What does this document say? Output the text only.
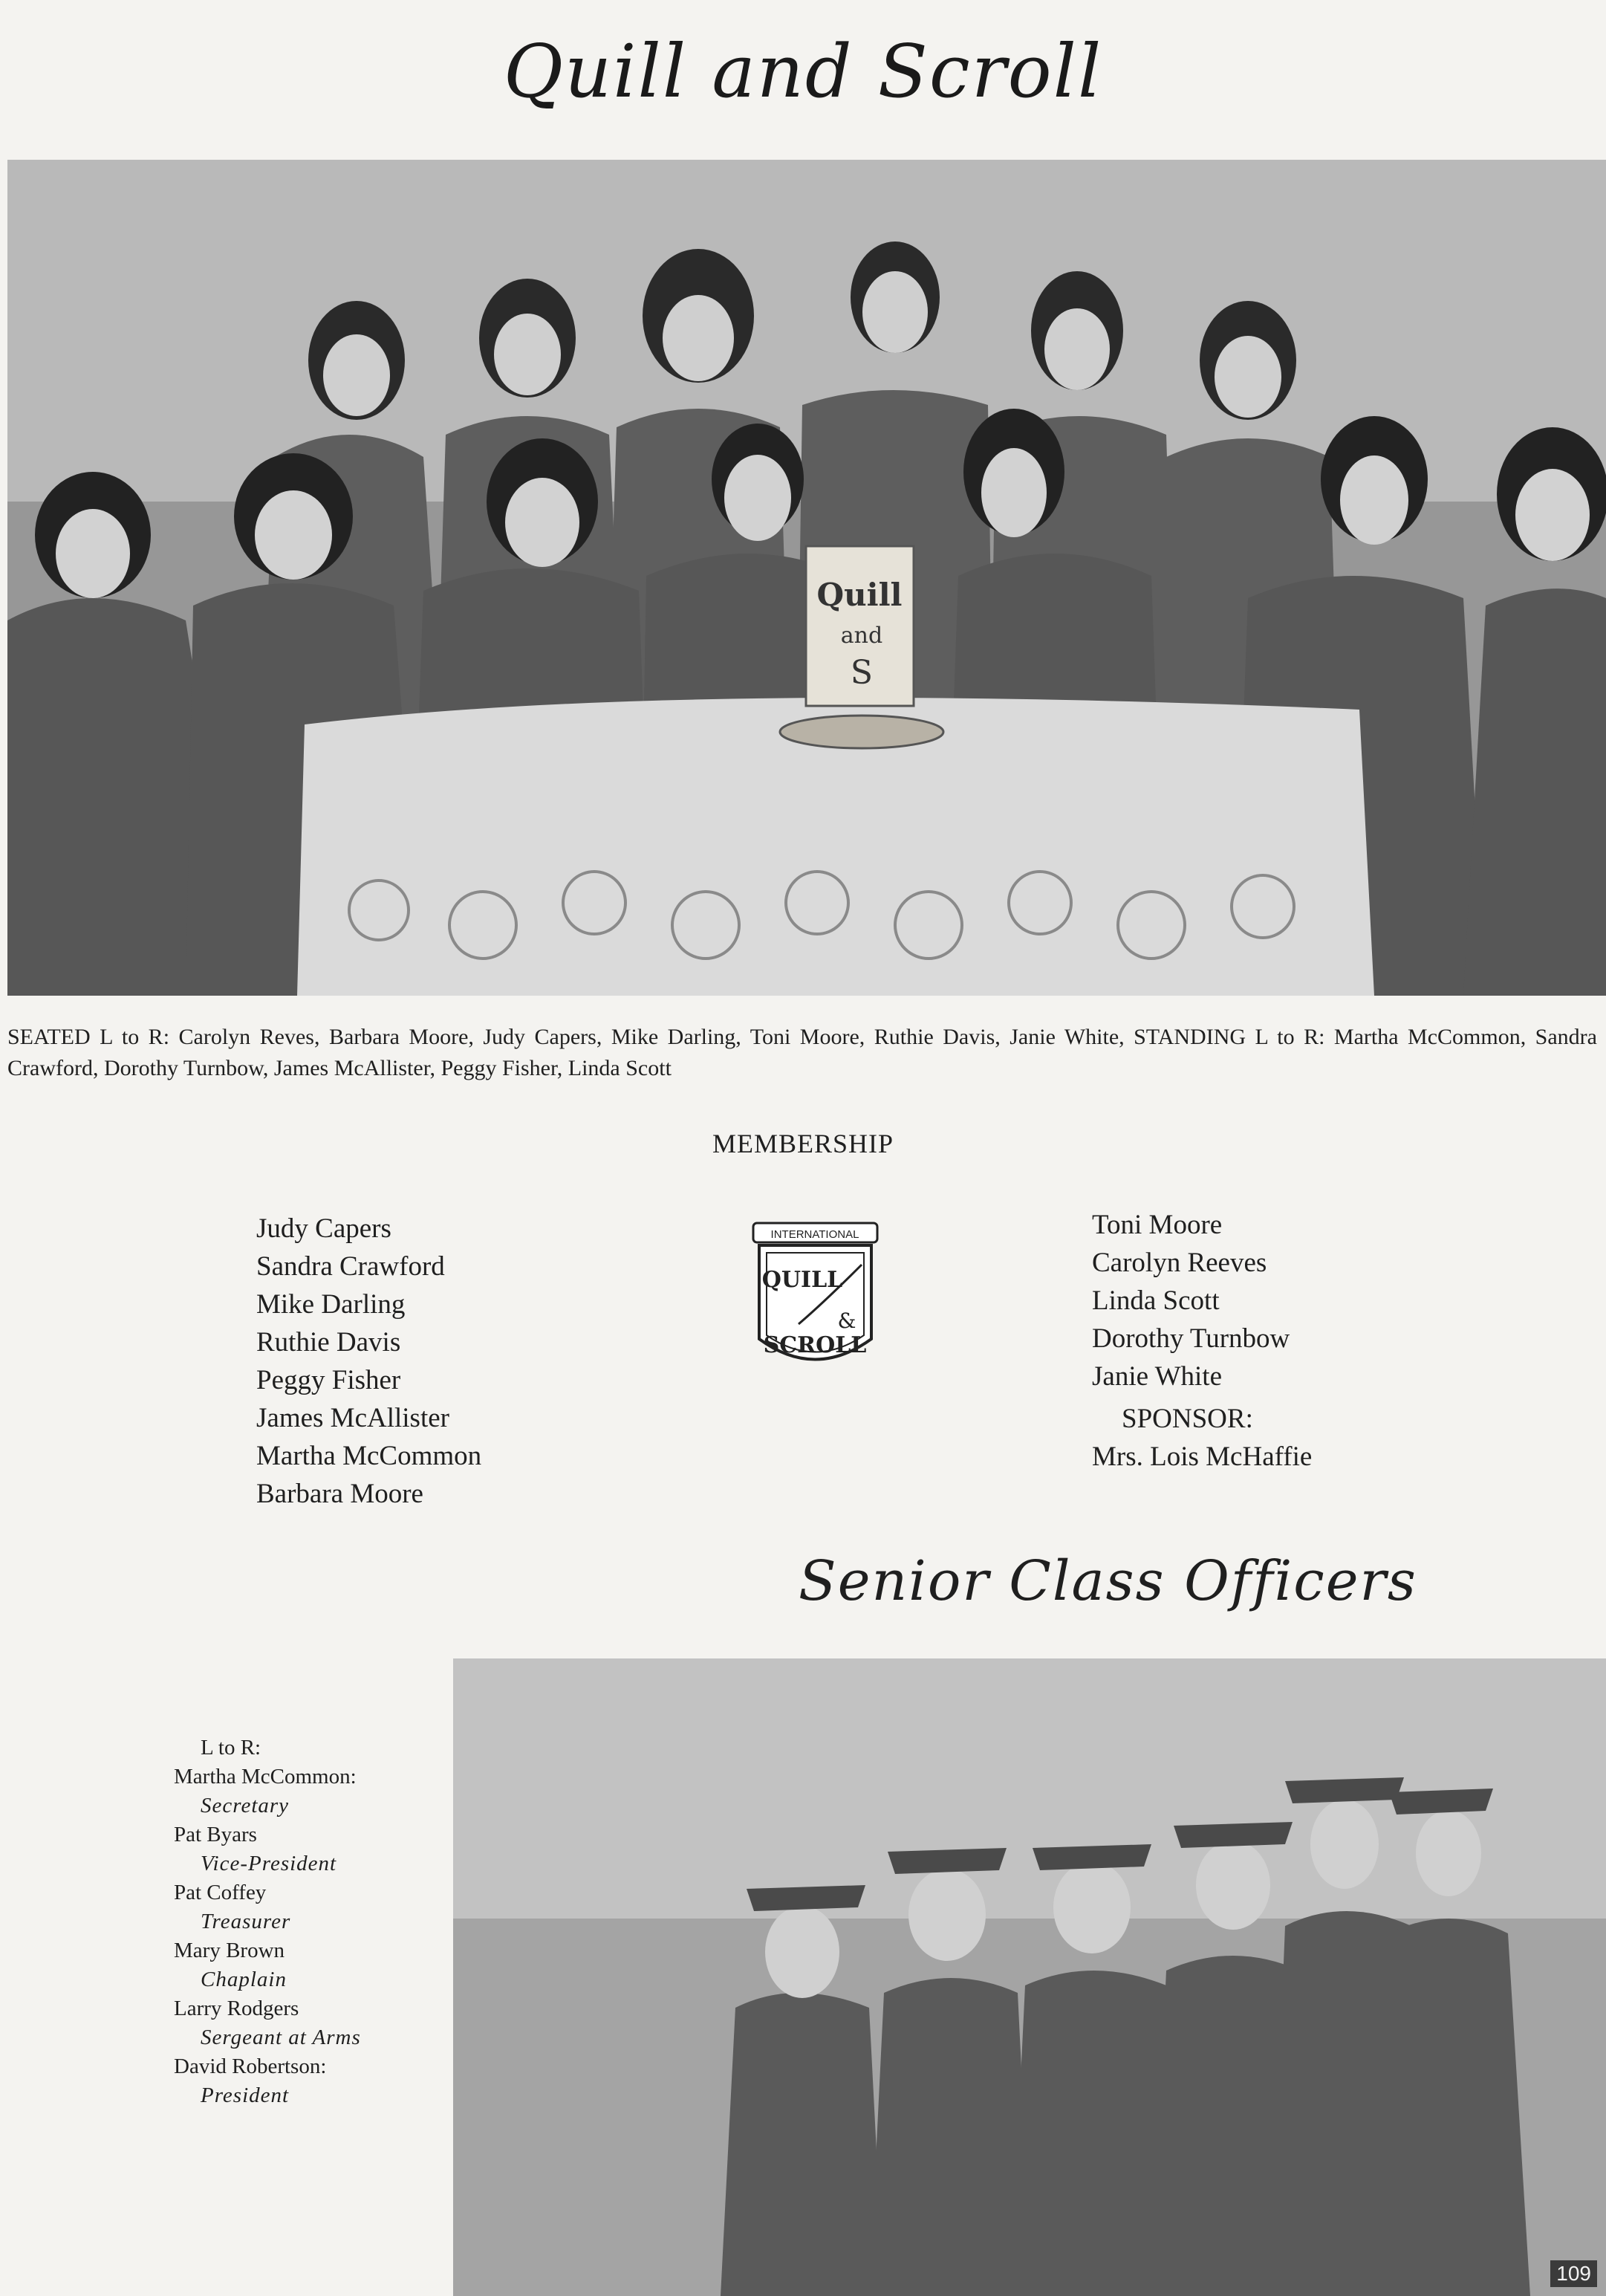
Quill and Scroll
Quill
and
S
SEATED L to R: Carolyn Reves, Barbara Moore, Judy Capers, Mike Darling, Toni Moore, Ruthie Davis, Janie White, STANDING L to R: Martha McCommon, Sandra Crawford, Dorothy Turnbow, James McAllister, Peggy Fisher, Linda Scott
MEMBERSHIP
Judy Capers
Sandra Crawford
Mike Darling
Ruthie Davis
Peggy Fisher
James McAllister
Martha McCommon
Barbara Moore
INTERNATIONAL
QUILL
&
SCROLL
Toni Moore
Carolyn Reeves
Linda Scott
Dorothy Turnbow
Janie White
SPONSOR:
Mrs. Lois McHaffie
Senior Class Officers
L to R:
Martha McCommon:
Secretary
Pat Byars
Vice-President
Pat Coffey
Treasurer
Mary Brown
Chaplain
Larry Rodgers
Sergeant at Arms
David Robertson:
President
109
